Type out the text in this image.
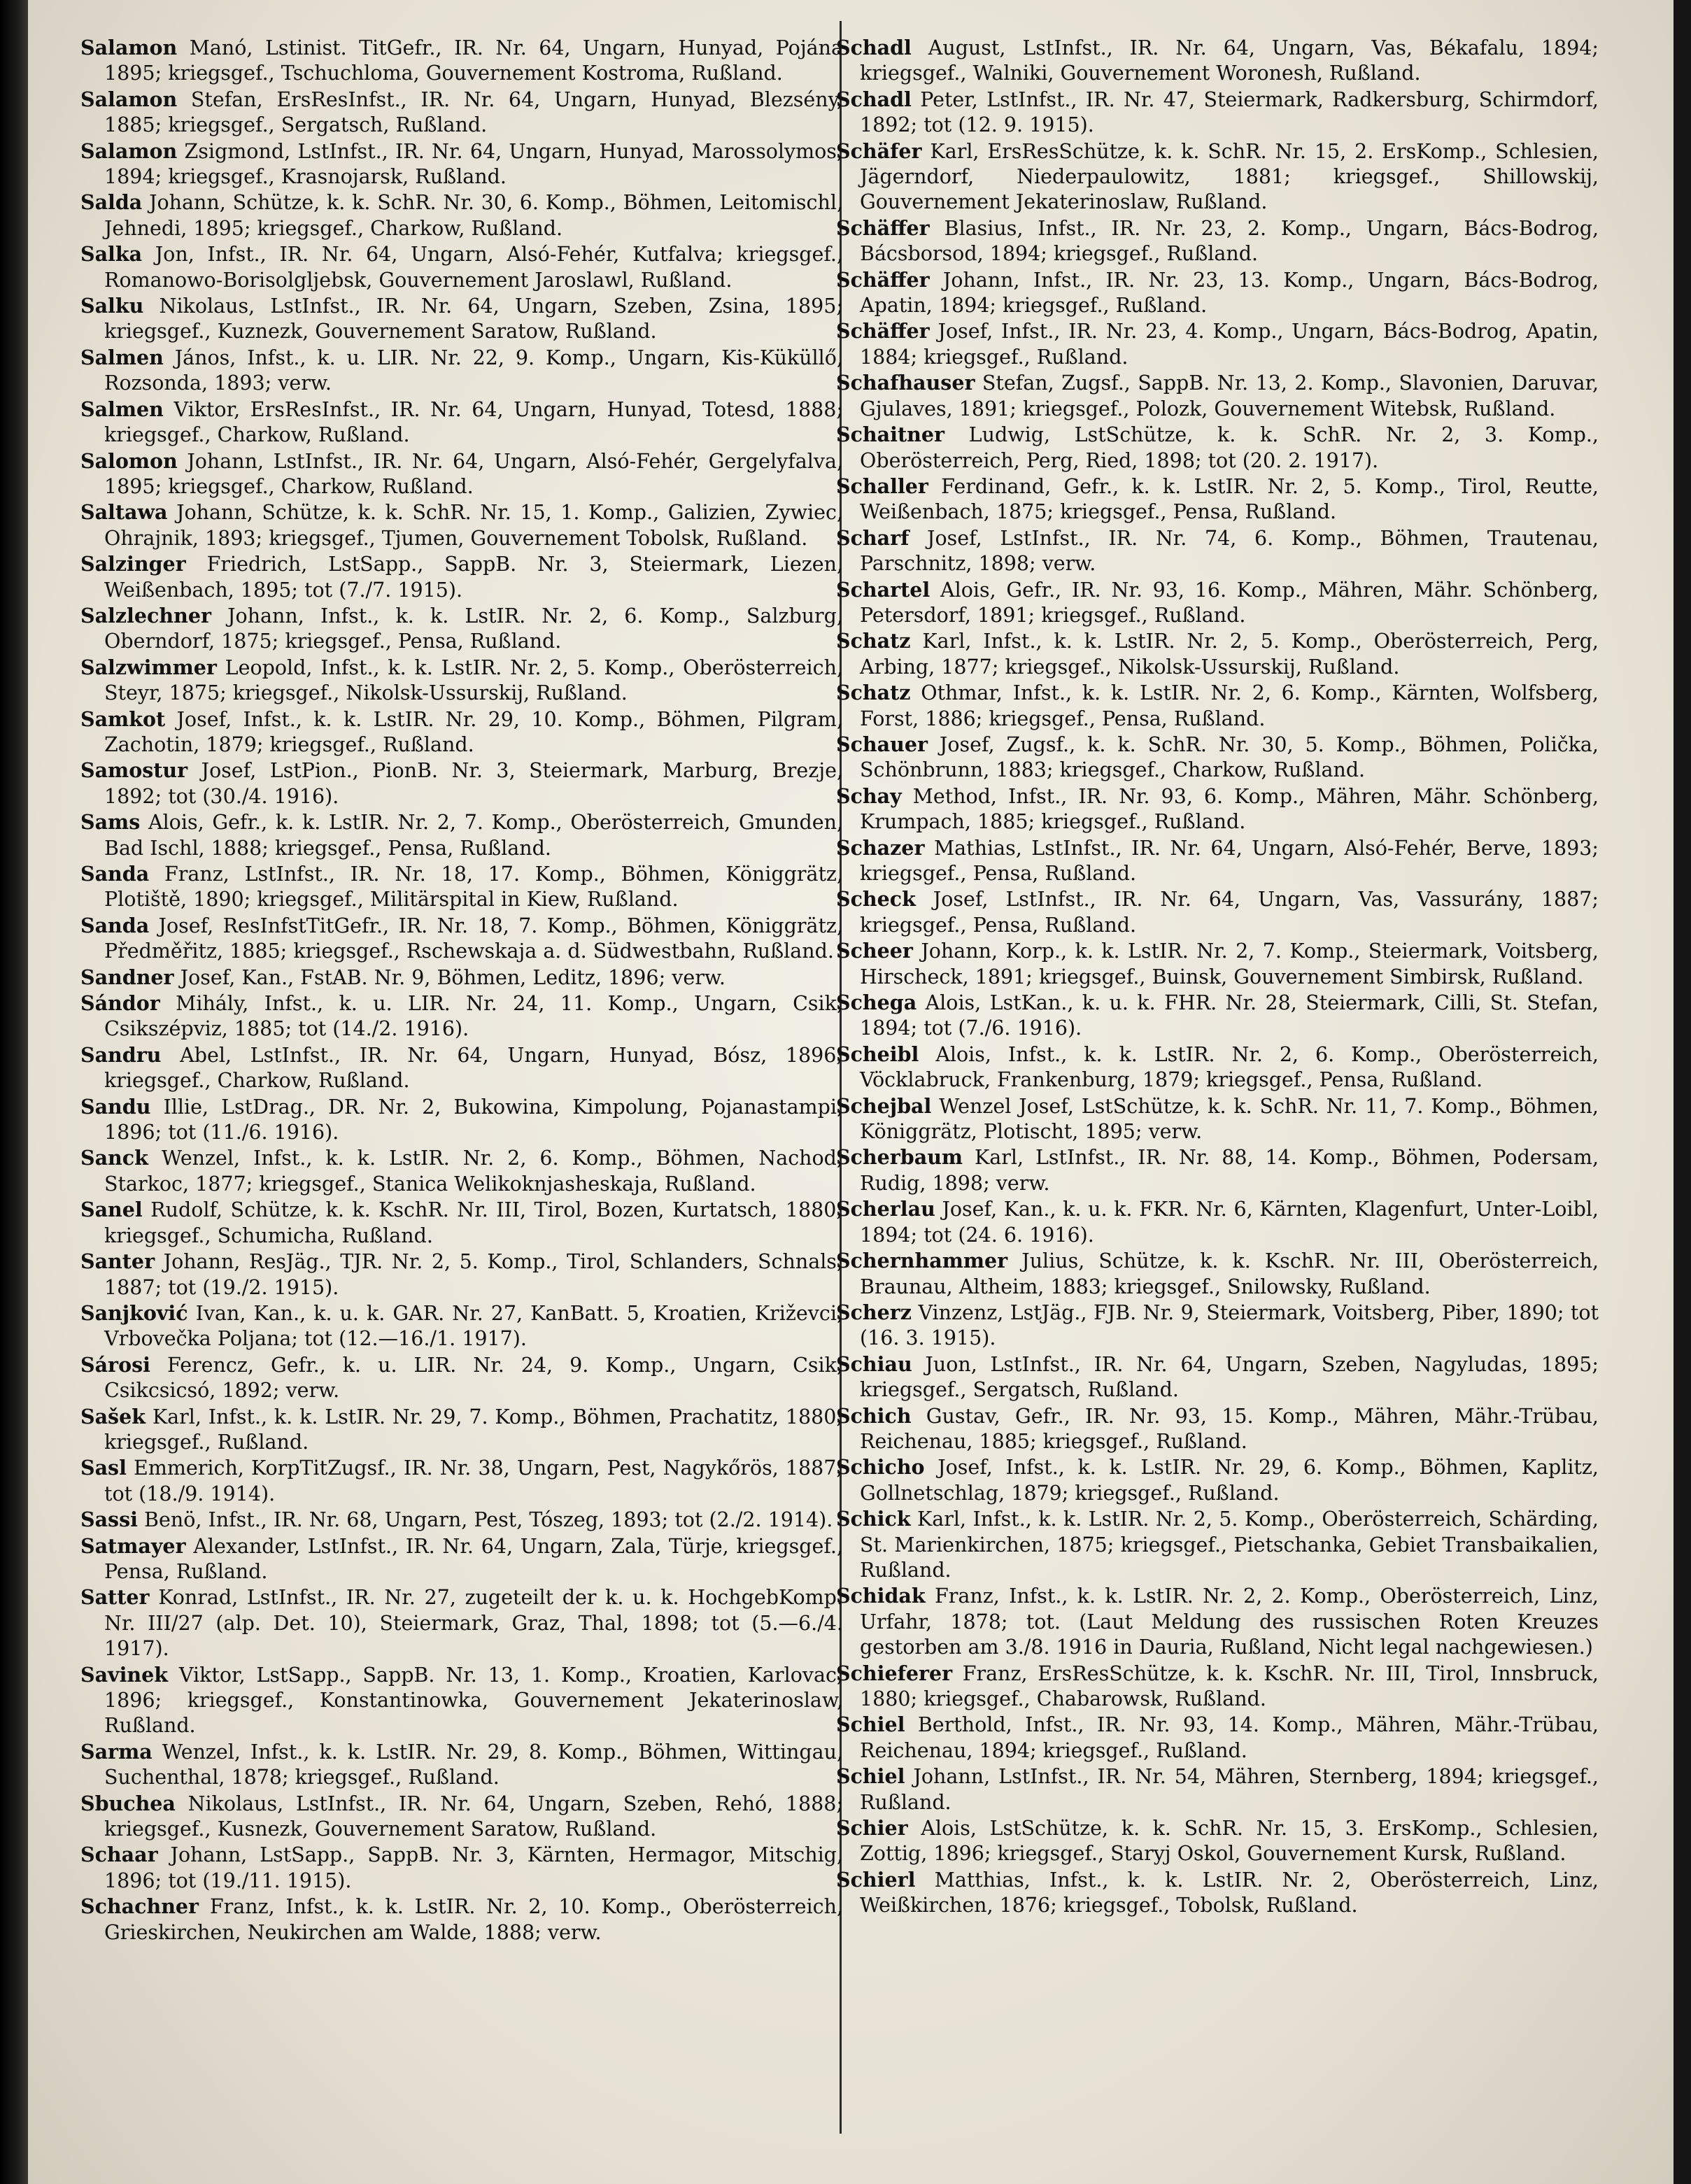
Salamon Manó, Lstinist. TitGefr., IR. Nr. 64, Ungarn, Hunyad, Pojána 1895; kriegsgef., Tschuchloma, Gouvernement Kostroma, Rußland.

Salamon Stefan, ErsResInfst., IR. Nr. 64, Ungarn, Hunyad, Blezsény, 1885; kriegsgef., Sergatsch, Rußland.

Salamon Zsigmond, LstInfst., IR. Nr. 64, Ungarn, Hunyad, Marossolymos, 1894; kriegsgef., Krasnojarsk, Rußland.

Salda Johann, Schütze, k. k. SchR. Nr. 30, 6. Komp., Böhmen, Leitomischl, Jehnedi, 1895; kriegsgef., Charkow, Rußland.

Salka Jon, Infst., IR. Nr. 64, Ungarn, Alsó-Fehér, Kutfalva; kriegsgef., Romanowo-Borisolgljebsk, Gouvernement Jaroslawl, Rußland.

Salku Nikolaus, LstInfst., IR. Nr. 64, Ungarn, Szeben, Zsina, 1895; kriegsgef., Kuznezk, Gouvernement Saratow, Rußland.

Salmen János, Infst., k. u. LIR. Nr. 22, 9. Komp., Ungarn, Kis-Küküllő, Rozsonda, 1893; verw.

Salmen Viktor, ErsResInfst., IR. Nr. 64, Ungarn, Hunyad, Totesd, 1888; kriegsgef., Charkow, Rußland.

Salomon Johann, LstInfst., IR. Nr. 64, Ungarn, Alsó-Fehér, Gergelyfalva, 1895; kriegsgef., Charkow, Rußland.

Saltawa Johann, Schütze, k. k. SchR. Nr. 15, 1. Komp., Galizien, Zywiec, Ohrajnik, 1893; kriegsgef., Tjumen, Gouvernement Tobolsk, Rußland.

Salzinger Friedrich, LstSapp., SappB. Nr. 3, Steiermark, Liezen, Weißenbach, 1895; tot (7./7. 1915).

Salzlechner Johann, Infst., k. k. LstIR. Nr. 2, 6. Komp., Salzburg, Oberndorf, 1875; kriegsgef., Pensa, Rußland.

Salzwimmer Leopold, Infst., k. k. LstIR. Nr. 2, 5. Komp., Oberösterreich, Steyr, 1875; kriegsgef., Nikolsk-Ussurskij, Rußland.

Samkot Josef, Infst., k. k. LstIR. Nr. 29, 10. Komp., Böhmen, Pilgram, Zachotin, 1879; kriegsgef., Rußland.

Samostur Josef, LstPion., PionB. Nr. 3, Steiermark, Marburg, Brezje, 1892; tot (30./4. 1916).

Sams Alois, Gefr., k. k. LstIR. Nr. 2, 7. Komp., Oberösterreich, Gmunden, Bad Ischl, 1888; kriegsgef., Pensa, Rußland.

Sanda Franz, LstInfst., IR. Nr. 18, 17. Komp., Böhmen, Königgrätz, Plotiště, 1890; kriegsgef., Militärspital in Kiew, Rußland.

Sanda Josef, ResInfstTitGefr., IR. Nr. 18, 7. Komp., Böhmen, Königgrätz, Předměřitz, 1885; kriegsgef., Rschewskaja a. d. Südwestbahn, Rußland.

Sandner Josef, Kan., FstAB. Nr. 9, Böhmen, Leditz, 1896; verw.

Sándor Mihály, Infst., k. u. LIR. Nr. 24, 11. Komp., Ungarn, Csik, Csikszépviz, 1885; tot (14./2. 1916).

Sandru Abel, LstInfst., IR. Nr. 64, Ungarn, Hunyad, Bósz, 1896; kriegsgef., Charkow, Rußland.

Sandu Illie, LstDrag., DR. Nr. 2, Bukowina, Kimpolung, Pojanastampi, 1896; tot (11./6. 1916).

Sanck Wenzel, Infst., k. k. LstIR. Nr. 2, 6. Komp., Böhmen, Nachod, Starkoc, 1877; kriegsgef., Stanica Welikoknjasheskaja, Rußland.

Sanel Rudolf, Schütze, k. k. KschR. Nr. III, Tirol, Bozen, Kurtatsch, 1880; kriegsgef., Schumicha, Rußland.

Santer Johann, ResJäg., TJR. Nr. 2, 5. Komp., Tirol, Schlanders, Schnals, 1887; tot (19./2. 1915).

Sanjković Ivan, Kan., k. u. k. GAR. Nr. 27, KanBatt. 5, Kroatien, Križevci, Vrbovečka Poljana; tot (12.—16./1. 1917).

Sárosi Ferencz, Gefr., k. u. LIR. Nr. 24, 9. Komp., Ungarn, Csik, Csikcsicsó, 1892; verw.

Sašek Karl, Infst., k. k. LstIR. Nr. 29, 7. Komp., Böhmen, Prachatitz, 1880; kriegsgef., Rußland.

Sasl Emmerich, KorpTitZugsf., IR. Nr. 38, Ungarn, Pest, Nagykőrös, 1887; tot (18./9. 1914).

Sassi Benö, Infst., IR. Nr. 68, Ungarn, Pest, Tószeg, 1893; tot (2./2. 1914).

Satmayer Alexander, LstInfst., IR. Nr. 64, Ungarn, Zala, Türje, kriegsgef., Pensa, Rußland.

Satter Konrad, LstInfst., IR. Nr. 27, zugeteilt der k. u. k. HochgebKomp. Nr. III/27 (alp. Det. 10), Steiermark, Graz, Thal, 1898; tot (5.—6./4. 1917).

Savinek Viktor, LstSapp., SappB. Nr. 13, 1. Komp., Kroatien, Karlovac, 1896; kriegsgef., Konstantinowka, Gouvernement Jekaterinoslaw, Rußland.

Sarma Wenzel, Infst., k. k. LstIR. Nr. 29, 8. Komp., Böhmen, Wittingau, Suchenthal, 1878; kriegsgef., Rußland.

Sbuchea Nikolaus, LstInfst., IR. Nr. 64, Ungarn, Szeben, Rehó, 1888; kriegsgef., Kusnezk, Gouvernement Saratow, Rußland.

Schaar Johann, LstSapp., SappB. Nr. 3, Kärnten, Hermagor, Mitschig, 1896; tot (19./11. 1915).

Schachner Franz, Infst., k. k. LstIR. Nr. 2, 10. Komp., Oberösterreich, Grieskirchen, Neukirchen am Walde, 1888; verw.

Schadl August, LstInfst., IR. Nr. 64, Ungarn, Vas, Békafalu, 1894; kriegsgef., Walniki, Gouvernement Woronesh, Rußland.

Schadl Peter, LstInfst., IR. Nr. 47, Steiermark, Radkersburg, Schirmdorf, 1892; tot (12. 9. 1915).

Schäfer Karl, ErsResSchütze, k. k. SchR. Nr. 15, 2. ErsKomp., Schlesien, Jägerndorf, Niederpaulowitz, 1881; kriegsgef., Shillowskij, Gouvernement Jekaterinoslaw, Rußland.

Schäffer Blasius, Infst., IR. Nr. 23, 2. Komp., Ungarn, Bács-Bodrog, Bácsborsod, 1894; kriegsgef., Rußland.

Schäffer Johann, Infst., IR. Nr. 23, 13. Komp., Ungarn, Bács-Bodrog, Apatin, 1894; kriegsgef., Rußland.

Schäffer Josef, Infst., IR. Nr. 23, 4. Komp., Ungarn, Bács-Bodrog, Apatin, 1884; kriegsgef., Rußland.

Schafhauser Stefan, Zugsf., SappB. Nr. 13, 2. Komp., Slavonien, Daruvar, Gjulaves, 1891; kriegsgef., Polozk, Gouvernement Witebsk, Rußland.

Schaitner Ludwig, LstSchütze, k. k. SchR. Nr. 2, 3. Komp., Oberösterreich, Perg, Ried, 1898; tot (20. 2. 1917).

Schaller Ferdinand, Gefr., k. k. LstIR. Nr. 2, 5. Komp., Tirol, Reutte, Weißenbach, 1875; kriegsgef., Pensa, Rußland.

Scharf Josef, LstInfst., IR. Nr. 74, 6. Komp., Böhmen, Trautenau, Parschnitz, 1898; verw.

Schartel Alois, Gefr., IR. Nr. 93, 16. Komp., Mähren, Mähr. Schönberg, Petersdorf, 1891; kriegsgef., Rußland.

Schatz Karl, Infst., k. k. LstIR. Nr. 2, 5. Komp., Oberösterreich, Perg, Arbing, 1877; kriegsgef., Nikolsk-Ussurskij, Rußland.

Schatz Othmar, Infst., k. k. LstIR. Nr. 2, 6. Komp., Kärnten, Wolfsberg, Forst, 1886; kriegsgef., Pensa, Rußland.

Schauer Josef, Zugsf., k. k. SchR. Nr. 30, 5. Komp., Böhmen, Polička, Schönbrunn, 1883; kriegsgef., Charkow, Rußland.

Schay Method, Infst., IR. Nr. 93, 6. Komp., Mähren, Mähr. Schönberg, Krumpach, 1885; kriegsgef., Rußland.

Schazer Mathias, LstInfst., IR. Nr. 64, Ungarn, Alsó-Fehér, Berve, 1893; kriegsgef., Pensa, Rußland.

Scheck Josef, LstInfst., IR. Nr. 64, Ungarn, Vas, Vassurány, 1887; kriegsgef., Pensa, Rußland.

Scheer Johann, Korp., k. k. LstIR. Nr. 2, 7. Komp., Steiermark, Voitsberg, Hirscheck, 1891; kriegsgef., Buinsk, Gouvernement Simbirsk, Rußland.

Schega Alois, LstKan., k. u. k. FHR. Nr. 28, Steiermark, Cilli, St. Stefan, 1894; tot (7./6. 1916).

Scheibl Alois, Infst., k. k. LstIR. Nr. 2, 6. Komp., Oberösterreich, Vöcklabruck, Frankenburg, 1879; kriegsgef., Pensa, Rußland.

Schejbal Wenzel Josef, LstSchütze, k. k. SchR. Nr. 11, 7. Komp., Böhmen, Königgrätz, Plotischt, 1895; verw.

Scherbaum Karl, LstInfst., IR. Nr. 88, 14. Komp., Böhmen, Podersam, Rudig, 1898; verw.

Scherlau Josef, Kan., k. u. k. FKR. Nr. 6, Kärnten, Klagenfurt, Unter-Loibl, 1894; tot (24. 6. 1916).

Schernhammer Julius, Schütze, k. k. KschR. Nr. III, Oberösterreich, Braunau, Altheim, 1883; kriegsgef., Snilowsky, Rußland.

Scherz Vinzenz, LstJäg., FJB. Nr. 9, Steiermark, Voitsberg, Piber, 1890; tot (16. 3. 1915).

Schiau Juon, LstInfst., IR. Nr. 64, Ungarn, Szeben, Nagyludas, 1895; kriegsgef., Sergatsch, Rußland.

Schich Gustav, Gefr., IR. Nr. 93, 15. Komp., Mähren, Mähr.-Trübau, Reichenau, 1885; kriegsgef., Rußland.

Schicho Josef, Infst., k. k. LstIR. Nr. 29, 6. Komp., Böhmen, Kaplitz, Gollnetschlag, 1879; kriegsgef., Rußland.

Schick Karl, Infst., k. k. LstIR. Nr. 2, 5. Komp., Oberösterreich, Schärding, St. Marienkirchen, 1875; kriegsgef., Pietschanka, Gebiet Transbaikalien, Rußland.

Schidak Franz, Infst., k. k. LstIR. Nr. 2, 2. Komp., Oberösterreich, Linz, Urfahr, 1878; tot. (Laut Meldung des russischen Roten Kreuzes gestorben am 3./8. 1916 in Dauria, Rußland, Nicht legal nachgewiesen.)

Schieferer Franz, ErsResSchütze, k. k. KschR. Nr. III, Tirol, Innsbruck, 1880; kriegsgef., Chabarowsk, Rußland.

Schiel Berthold, Infst., IR. Nr. 93, 14. Komp., Mähren, Mähr.-Trübau, Reichenau, 1894; kriegsgef., Rußland.

Schiel Johann, LstInfst., IR. Nr. 54, Mähren, Sternberg, 1894; kriegsgef., Rußland.

Schier Alois, LstSchütze, k. k. SchR. Nr. 15, 3. ErsKomp., Schlesien, Zottig, 1896; kriegsgef., Staryj Oskol, Gouvernement Kursk, Rußland.

Schierl Matthias, Infst., k. k. LstIR. Nr. 2, Oberösterreich, Linz, Weißkirchen, 1876; kriegsgef., Tobolsk, Rußland.
